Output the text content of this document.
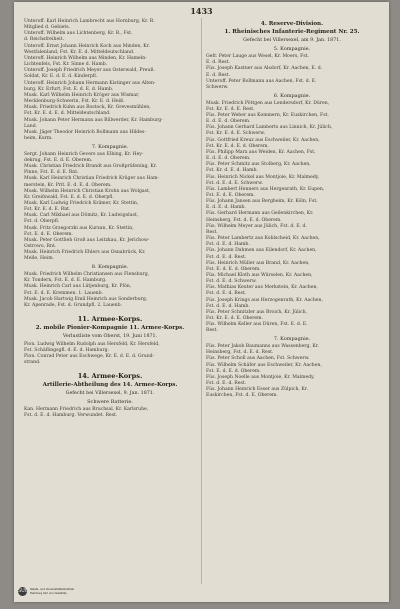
1433
Unteroff. Karl Heinrich Lambrecht aus Hornburg, Kr. R.
Mitglied d. Gebiets.
Unteroff. Wilhelm aus Lichtenberg, Kr. R., Fst.
d. Reichsfreiheit.
Unteroff. Ernst Johann Heinrich Koch aus Minden, Kr.
Westfalenland, Fst. Kr. E. d. Mitteldeutschland.
Unteroff. Heinrich Wilhelm aus Minden, Kr. Hameln-
Lichtenfels, Fst. Kr. Sinne d. Hamb.
Unteroff. Joseph Friedrich Meyer aus Osterwald, Preuß.
Soldat, Kr. E. d. E. d. Kinderpfl.
Unteroff. Heinrich Johann Hermann Kistinger aus Alten-
burg, Kr. Erfurt, Fst. E. d. E. d. Hamb.
Musk. Karl Wilhelm Heinrich Kröger aus Wismar,
Mecklenburg-Schwerin, Fst. Kr. E. d. Heiß.
Musk. Friedrich Kuhn aus Rostock, Kr. Grevesmühlen,
Fst. Kr. E. d. E. d. Mitteldeutschland.
Musk. Johann Peter Hermann aus Billwerder, Kr. Hamburg-
Land.
Musk. Jäger Theodor Heinrich Bollmann aus Hildes-
heim, Kurm.
7. Kompagnie.
Sergt. Johann Heinrich Gevers aus Elbing, Kr. Hey-
dekrug, Fst. E. d. E. Oberem.
Musk. Christian Friedrich Brandt aus Großprüfening, Kr.
Pinne, Fst. E. d. E. Rnt.
Musk. Karl Heinrich Christian Friedrich Krüger aus Ham-
merstein, Kr. Prit. E. d. E. d. Oberem.
Musk. Wilhelm Heinrich Christian Krohn aus Wolgast,
Kr. Greifswald, Fst. E. d. E. d. Oberpfl.
Musk. Karl Ludwig Friedrich Krämer, Kr. Stettin,
Fst. Kr. E. d. E. Rnt.
Musk. Carl Mikhael aus Dömitz, Kr. Ludwigslust,
Fst. d. Oberpfl.
Musk. Fritz Grzegorzki aus Kurzan, Kr. Stettin,
Fst. E. d. E. Oberem.
Musk. Peter Gottlieb Groß aus Leitzkau, Kr. Jerichow-
Ostrowo, Rnt.
Musk. Heinrich Friedrich Ehlers aus Osnabrück, Kr.
Melle, Heim.
8. Kompagnie.
Musk. Friedrich Wilhelm Christiansen aus Flensburg,
Kr. Tondern, Fst. E. d. E. Hamburg.
Musk. Heinrich Carl aus Lütjenburg, Kr. Plön,
Fst. E. d. E. Kremmen. 1. Lauenb.
Musk. Jacob Hartwig Emil Heinrich aus Sonderburg,
Kr. Apenrade, Fst. d. Grundpfl. 2. Lauenb.
11. Armee-Korps.
2. mobile Pionier-Kompagnie 11. Armee-Korps.
Verlustliste vom Oberst, 19. Juni 1871.
Pion. Ludwig Wilhelm Rudolph aus Hersfeld, Kr. Hersfeld,
Fst. Schäflingsgfl. d. E. d. Hamburg.
Pion. Conrad Peter aus Eschwege, Kr. E. d. E. d. Grund-
strand.
14. Armee-Korps.
Artillerie-Abtheilung des 14. Armee-Korps.
Gefecht bei Villersexel, 9. Jan. 1871.
Schwere Batterie.
Kan. Hermann Friedrich aus Bruchsal, Kr. Karlsruhe,
Fst. d. E. d. Hamburg. Verwundet. Rest.
4. Reserve-Division.
1. Rheinisches Infanterie-Regiment Nr. 25.
Gefecht bei Villersexel, am 9. Jan. 1871.
5. Kompagnie.
Gefr. Peter Lauge aus Wesel, Kr. Moers, Fst.
E. d. Rest.
Füs. Joseph Kastner aus Alsdorf, Kr. Aachen, E. d.
E. d. Rest.
Unteroff. Peter Bollmann aus Aachen, Fst. d. E.
Schwerw.
6. Kompagnie.
Musk. Friedrich Pöttgen aus Lendersdorf, Kr. Düren,
Fst. Kr. E. d. E. Rest.
Füs. Peter Weber aus Kommern, Kr. Euskirchen, Fst.
E. d. E. d. Oberem.
Füs. Johann Gerhard Lamberts aus Linnich, Kr. Jülich,
Fst. Kr. E. d. E. Schwerw.
Füs. Gottfried Kreuz aus Eschweiler, Kr. Aachen,
Fst. Kr. E. d. E. d. Oberem.
Füs. Philipp Marx aus Weiden, Kr. Aachen, Fst.
E. d. E. d. Oberem.
Füs. Peter Schmitz aus Stolberg, Kr. Aachen,
Fst. Kr. d. E. d. Hamb.
Füs. Heinrich Nickel aus Montjoie, Kr. Malmedy,
Fst. d. E. d. E. Schwerw.
Füs. Lambert Henners aus Hergenrath, Kr. Eupen,
Fst. E. d. E. Oberem.
Füs. Johann Jansen aus Bergheim, Kr. Köln, Fst.
E. d. E. d. Hamb.
Füs. Gerhard Hermann aus Geilenkirchen, Kr.
Heinsberg, Fst. d. E. d. Oberem.
Füs. Wilhelm Meyer aus Jülich, Fst. d. E. d.
Rest.
Füs. Peter Lambertz aus Kohlscheid, Kr. Aachen,
Fst. d. E. d. Hamb.
Füs. Johann Dahmen aus Eilendorf, Kr. Aachen,
Fst. d. E. d. Rest.
Füs. Heinrich Müller aus Brand, Kr. Aachen,
Fst. E. d. E. d. Oberem.
Füs. Michael Kloth aus Würselen, Kr. Aachen,
Fst. d. E. d. Schwerw.
Füs. Mathias Keuter aus Merkstein, Kr. Aachen,
Fst. d. E. d. Rest.
Füs. Joseph Krings aus Herzogenrath, Kr. Aachen,
Fst. d. E. d. Hamb.
Füs. Peter Schnitzler aus Broich, Kr. Jülich,
Fst. Kr. E. d. E. Oberem.
Füs. Wilhelm Keller aus Düren, Fst. E. d. E.
Rest.
7. Kompagnie.
Füs. Peter Jakob Baumanns aus Wassenberg, Kr.
Heinsberg, Fst. d. E. d. Rest.
Füs. Peter Scholl aus Aachen, Fst. Schwerw.
Füs. Wilhelm Schäfer aus Eschweiler, Kr. Aachen,
Fst. E. d. E. d. Oberem.
Füs. Joseph Noelle aus Montjoie, Kr. Malmedy,
Fst. d. E. d. Rest.
Füs. Johann Heinrich Esser aus Zülpich, Kr.
Euskirchen, Fst. d. E. Oberem.
SUB Staats- und Universitätsbibliothek
Hamburg Carl von Ossietzky
